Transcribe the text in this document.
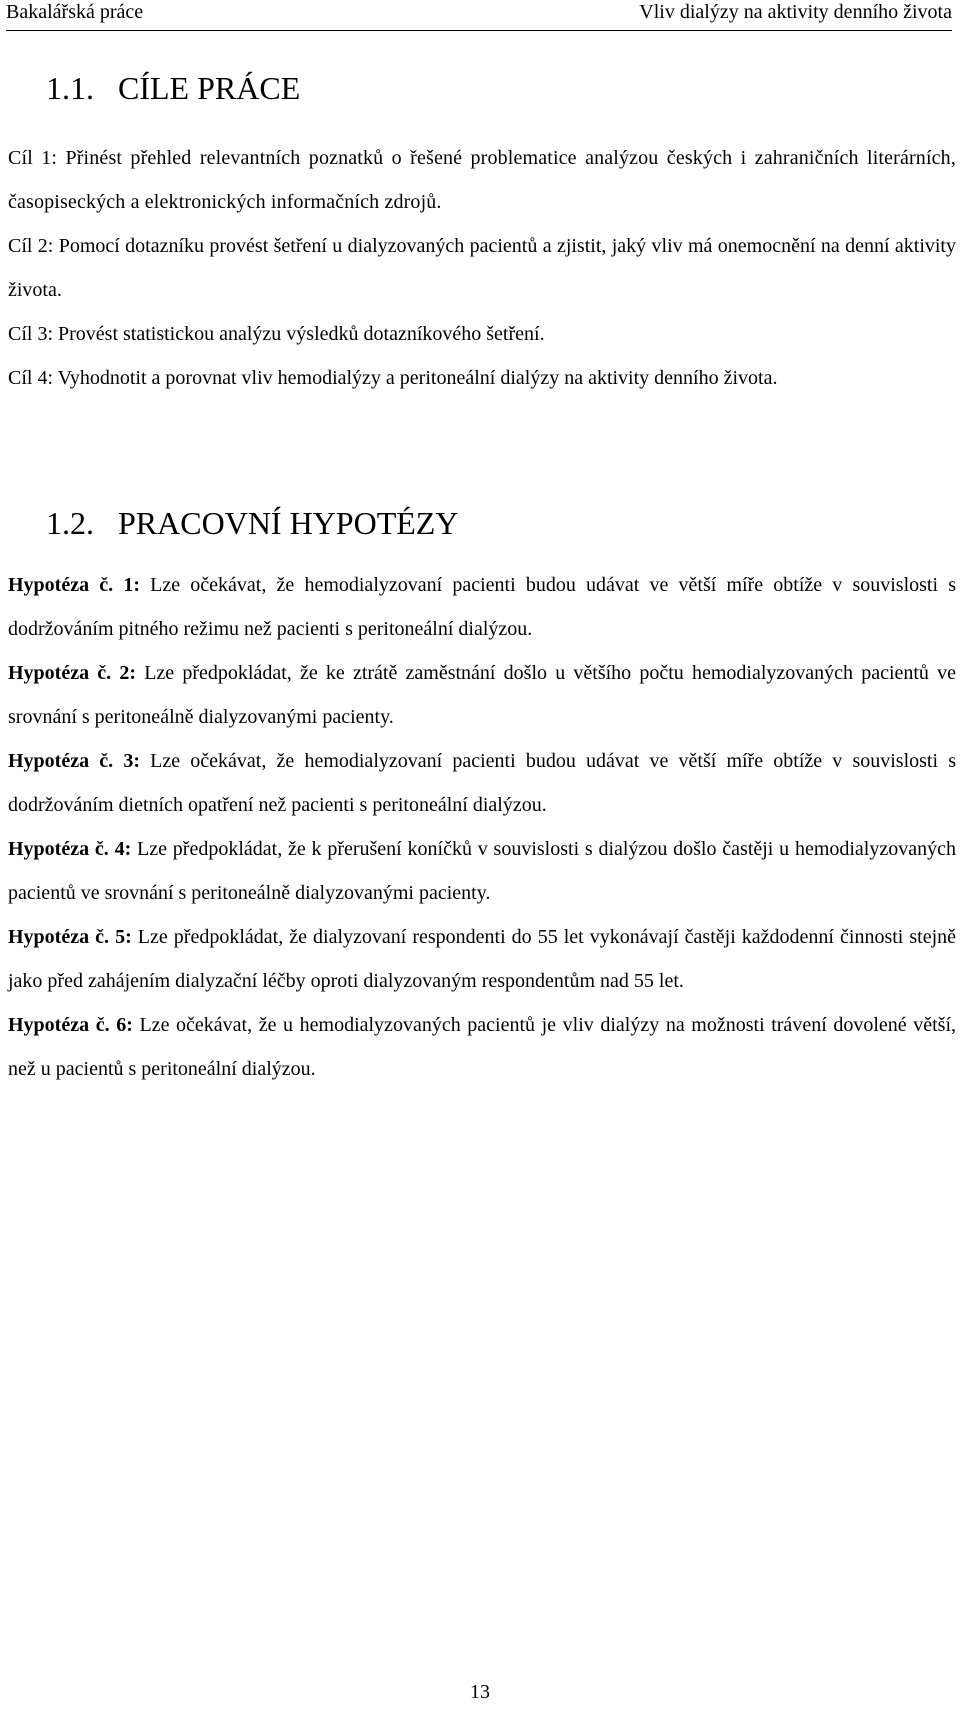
Bakalářská práce	Vliv dialýzy na aktivity denního života
1.1. CÍLE PRÁCE

Cíl 1: Přinést přehled relevantních poznatků o řešené problematice analýzou českých i zahraničních literárních, časopiseckých a elektronických informačních zdrojů.

Cíl 2: Pomocí dotazníku provést šetření u dialyzovaných pacientů a zjistit, jaký vliv má onemocnění na denní aktivity života.

Cíl 3: Provést statistickou analýzu výsledků dotazníkového šetření.

Cíl 4: Vyhodnotit a porovnat vliv hemodialýzy a peritoneální dialýzy na aktivity denního života.

1.2. PRACOVNÍ HYPOTÉZY

Hypotéza č. 1: Lze očekávat, že hemodialyzovaní pacienti budou udávat ve větší míře obtíže v souvislosti s dodržováním pitného režimu než pacienti s peritoneální dialýzou.

Hypotéza č. 2: Lze předpokládat, že ke ztrátě zaměstnání došlo u většího počtu hemodialyzovaných pacientů ve srovnání s peritoneálně dialyzovanými pacienty.

Hypotéza č. 3: Lze očekávat, že hemodialyzovaní pacienti budou udávat ve větší míře obtíže v souvislosti s dodržováním dietních opatření než pacienti s peritoneální dialýzou.

Hypotéza č. 4: Lze předpokládat, že k přerušení koníčků v souvislosti s dialýzou došlo častěji u hemodialyzovaných pacientů ve srovnání s peritoneálně dialyzovanými pacienty.

Hypotéza č. 5: Lze předpokládat, že dialyzovaní respondenti do 55 let vykonávají častěji každodenní činnosti stejně jako před zahájením dialyzační léčby oproti dialyzovaným respondentům nad 55 let.

Hypotéza č. 6: Lze očekávat, že u hemodialyzovaných pacientů je vliv dialýzy na možnosti trávení dovolené větší, než u pacientů s peritoneální dialýzou.

13
